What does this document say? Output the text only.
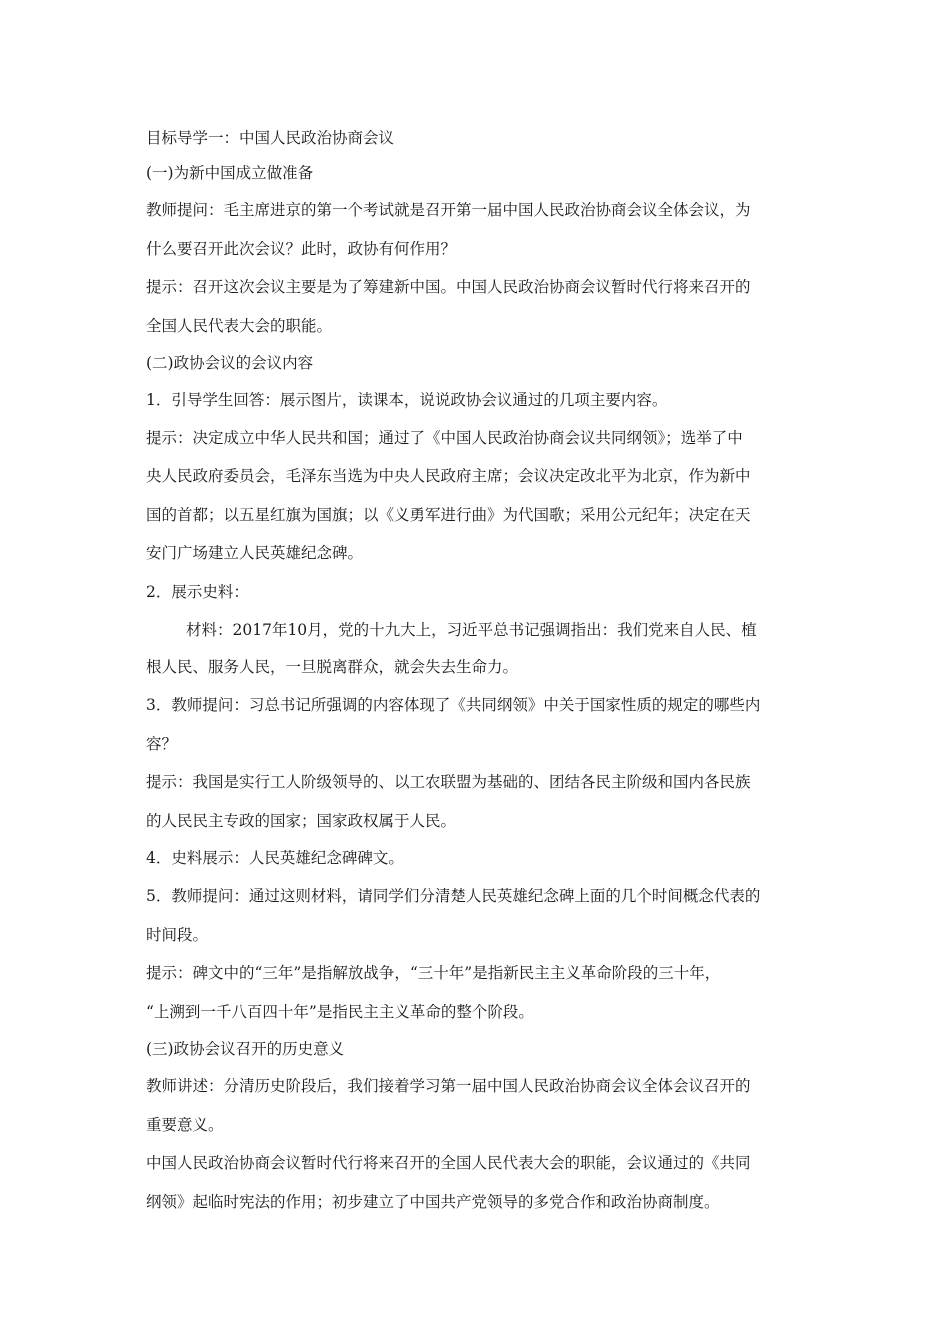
目标导学一：中国人民政治协商会议
(一)为新中国成立做准备
教师提问：毛主席进京的第一个考试就是召开第一届中国人民政治协商会议全体会议，为
什么要召开此次会议？此时，政协有何作用？
提示：召开这次会议主要是为了筹建新中国。中国人民政治协商会议暂时代行将来召开的
全国人民代表大会的职能。
(二)政协会议的会议内容
1．引导学生回答：展示图片，读课本，说说政协会议通过的几项主要内容。
提示：决定成立中华人民共和国；通过了《中国人民政治协商会议共同纲领》；选举了中
央人民政府委员会，毛泽东当选为中央人民政府主席；会议决定改北平为北京，作为新中
国的首都；以五星红旗为国旗；以《义勇军进行曲》为代国歌；采用公元纪年；决定在天
安门广场建立人民英雄纪念碑。
2．展示史料：
材料：2017年10月，党的十九大上，习近平总书记强调指出：我们党来自人民、植
根人民、服务人民，一旦脱离群众，就会失去生命力。
3．教师提问：习总书记所强调的内容体现了《共同纲领》中关于国家性质的规定的哪些内
容？
提示：我国是实行工人阶级领导的、以工农联盟为基础的、团结各民主阶级和国内各民族
的人民民主专政的国家；国家政权属于人民。
4．史料展示：人民英雄纪念碑碑文。
5．教师提问：通过这则材料，请同学们分清楚人民英雄纪念碑上面的几个时间概念代表的
时间段。
提示：碑文中的“三年”是指解放战争，“三十年”是指新民主主义革命阶段的三十年，
“上溯到一千八百四十年”是指民主主义革命的整个阶段。
(三)政协会议召开的历史意义
教师讲述：分清历史阶段后，我们接着学习第一届中国人民政治协商会议全体会议召开的
重要意义。
中国人民政治协商会议暂时代行将来召开的全国人民代表大会的职能，会议通过的《共同
纲领》起临时宪法的作用；初步建立了中国共产党领导的多党合作和政治协商制度。
